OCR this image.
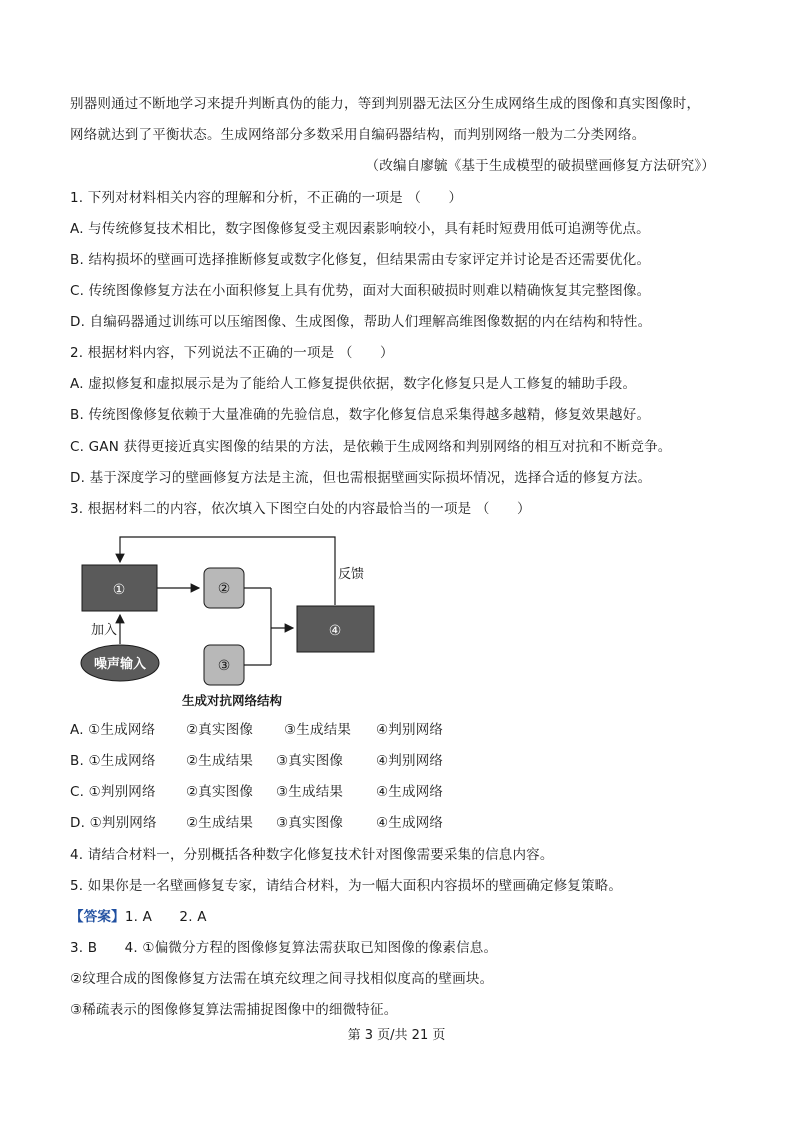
别器则通过不断地学习来提升判断真伪的能力，等到判别器无法区分生成网络生成的图像和真实图像时，
网络就达到了平衡状态。生成网络部分多数采用自编码器结构，而判别网络一般为二分类网络。
（改编自廖毓《基于生成模型的破损壁画修复方法研究》）
1. 下列对材料相关内容的理解和分析，不正确的一项是 （　　）
A. 与传统修复技术相比，数字图像修复受主观因素影响较小，具有耗时短费用低可追溯等优点。
B. 结构损坏的壁画可选择推断修复或数字化修复，但结果需由专家评定并讨论是否还需要优化。
C. 传统图像修复方法在小面积修复上具有优势，面对大面积破损时则难以精确恢复其完整图像。
D. 自编码器通过训练可以压缩图像、生成图像，帮助人们理解高维图像数据的内在结构和特性。
2. 根据材料内容，下列说法不正确的一项是 （　　）
A. 虚拟修复和虚拟展示是为了能给人工修复提供依据，数字化修复只是人工修复的辅助手段。
B. 传统图像修复依赖于大量准确的先验信息，数字化修复信息采集得越多越精，修复效果越好。
C. GAN 获得更接近真实图像的结果的方法，是依赖于生成网络和判别网络的相互对抗和不断竞争。
D. 基于深度学习的壁画修复方法是主流，但也需根据壁画实际损坏情况，选择合适的修复方法。
3. 根据材料二的内容，依次填入下图空白处的内容最恰当的一项是 （　　）
①	②
③
④
反馈
加入
噪声输入
生成对抗网络结构
A. ①生成网络 ②真实图像 ③生成结果 ④判别网络
B. ①生成网络 ②生成结果 ③真实图像 ④判别网络
C. ①判别网络 ②真实图像 ③生成结果 ④生成网络
D. ①判别网络 ②生成结果 ③真实图像 ④生成网络
4. 请结合材料一，分别概括各种数字化修复技术针对图像需要采集的信息内容。
5. 如果你是一名壁画修复专家，请结合材料，为一幅大面积内容损坏的壁画确定修复策略。
【答案】1. A　　2. A
3. B　　4. ①偏微分方程的图像修复算法需获取已知图像的像素信息。
②纹理合成的图像修复方法需在填充纹理之间寻找相似度高的壁画块。
③稀疏表示的图像修复算法需捕捉图像中的细微特征。
第 3 页/共 21 页
